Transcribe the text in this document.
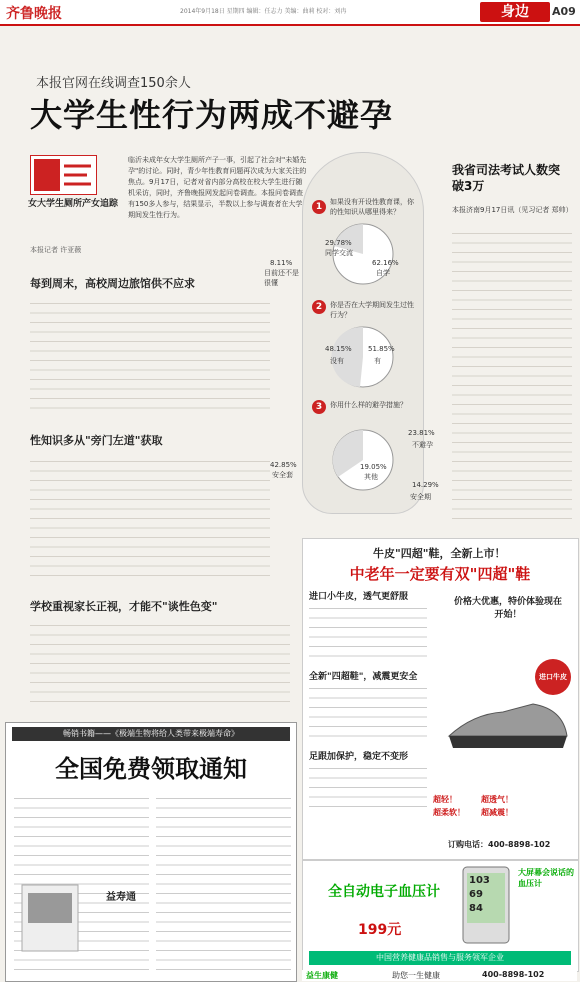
齐鲁晚报	2014年9月18日 星期四 编辑：任志力 美编：曲莉 校对：刘冉	身边	A09
本报官网在线调查150余人
大学生性行为两成不避孕
女大学生厕所产女追踪
临沂未成年女大学生厕所产子一事，引起了社会对"未婚先孕"的讨论。同时，青少年性教育问题再次成为大家关注的焦点。9月17日，记者对省内部分高校在校大学生进行随机采访，同时，齐鲁晚报网发起问卷调查。本报问卷调查有150多人参与，结果显示，半数以上参与调查者在大学期间发生性行为。
本报记者 许亚薇
每到周末，高校周边旅馆供不应求
性知识多从"旁门左道"获取
学校重视家长正视，才能不"谈性色变"
1	如果没有开设性教育课，你的性知识从哪里得来？
29.78%
同学交流
62.16%
自学
8.11%
目前还不是很懂
2	你是否在大学期间发生过性行为？
48.15%
没有
51.85%
有
3	你用什么样的避孕措施？
42.85%
安全套
23.81%
不避孕
19.05%
其他
14.29%
安全期
我省司法考试人数突破3万
本报济南9月17日讯（见习记者 郑帅）
牛皮"四超"鞋，全新上市！
中老年一定要有双"四超"鞋
进口小牛皮，透气更舒服
全新"四超鞋"，减震更安全
足跟加保护，稳定不变形
价格大优惠，特价体验现在开始！
进口牛皮
超轻！	超透气！
超柔软！ 超减震！
订购电话：400-8898-102
畅销书籍——《极端生物将给人类带来极端寿命》
全国免费领取通知
益寿通	全自动电子血压计
199元
103
69
84
大屏幕会说话的血压计
中国营养健康品销售与服务领军企业
益生康健	助您一生健康	400-8898-102
